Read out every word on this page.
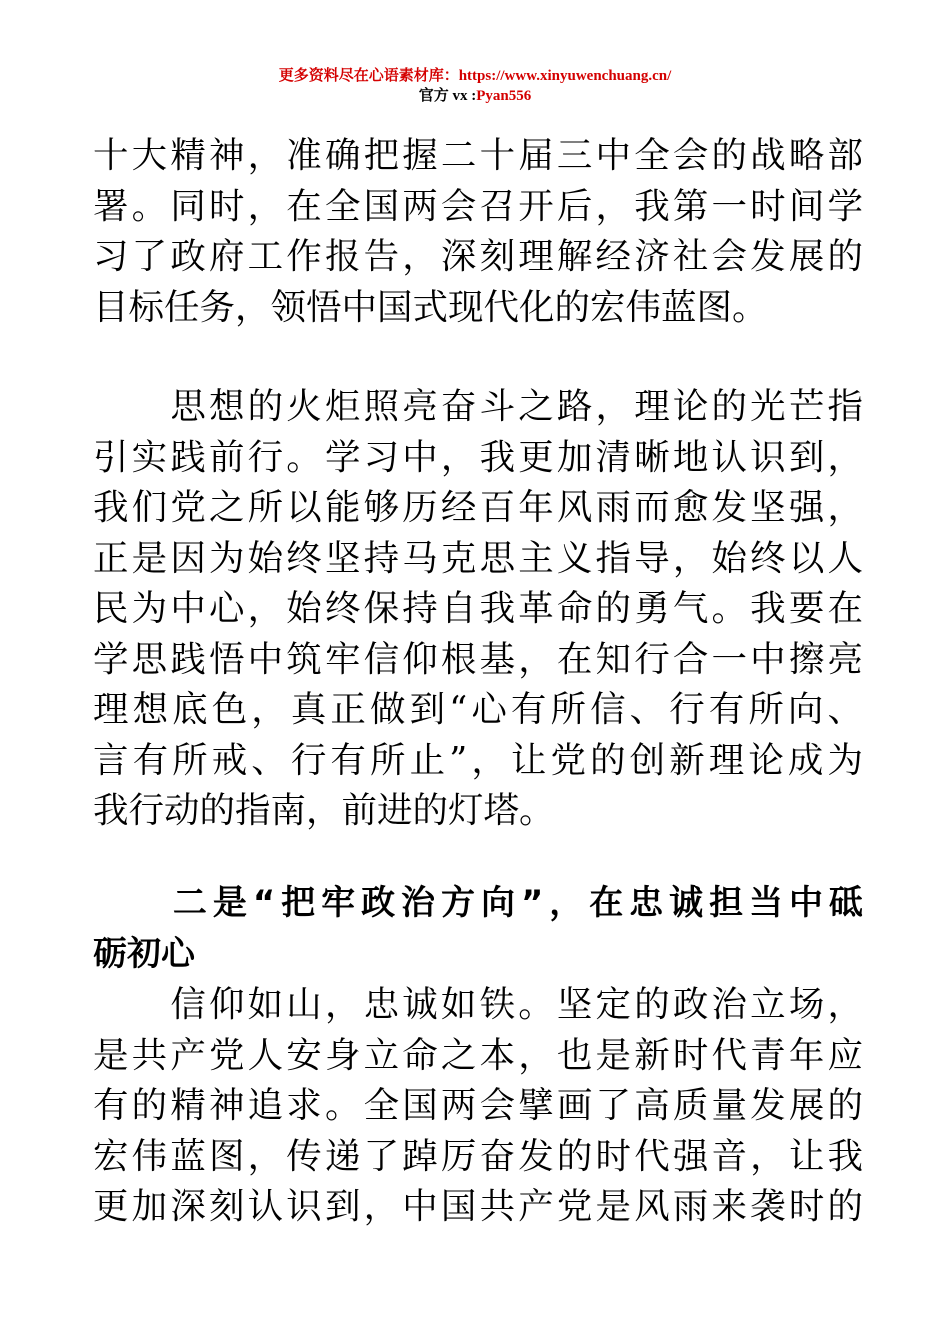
更多资料尽在心语素材库：https://www.xinyuwenchuang.cn/
官方 vx :Pyan556
十大精神，准确把握二十届三中全会的战略部
署。同时，在全国两会召开后，我第一时间学
习了政府工作报告，深刻理解经济社会发展的
目标任务，领悟中国式现代化的宏伟蓝图。
　　思想的火炬照亮奋斗之路，理论的光芒指
引实践前行。学习中，我更加清晰地认识到，
我们党之所以能够历经百年风雨而愈发坚强，
正是因为始终坚持马克思主义指导，始终以人
民为中心，始终保持自我革命的勇气。我要在
学思践悟中筑牢信仰根基，在知行合一中擦亮
理想底色，真正做到“心有所信、行有所向、
言有所戒、行有所止”，让党的创新理论成为
我行动的指南，前进的灯塔。
　　二是“把牢政治方向”，在忠诚担当中砥
砺初心
　　信仰如山，忠诚如铁。坚定的政治立场，
是共产党人安身立命之本，也是新时代青年应
有的精神追求。全国两会擘画了高质量发展的
宏伟蓝图，传递了踔厉奋发的时代强音，让我
更加深刻认识到，中国共产党是风雨来袭时的
